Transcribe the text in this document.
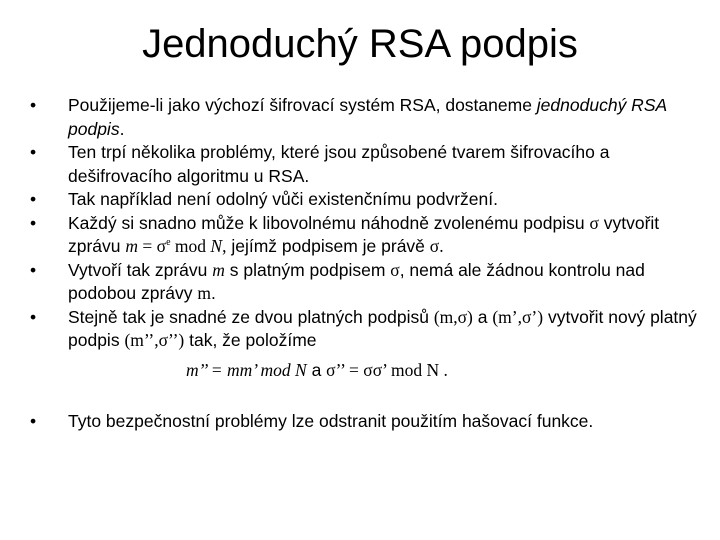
Jednoduchý RSA podpis
• Použijeme-li jako výchozí šifrovací systém RSA, dostaneme jednoduchý RSA podpis.
• Ten trpí několika problémy, které jsou způsobené tvarem šifrovacího a dešifrovacího algoritmu u RSA.
• Tak například není odolný vůči existenčnímu podvržení.
• Každý si snadno může k libovolnému náhodně zvolenému podpisu σ vytvořit zprávu $m = \sigma^e$ mod N, jejímž podpisem je právě σ.
• Vytvoří tak zprávu m s platným podpisem σ, nemá ale žádnou kontrolu nad podobou zprávy m.
• Stejně tak je snadné ze dvou platných podpisů (m,σ) a (m’,σ’) vytvořit nový platný podpis (m’’,σ’’) tak, že položíme
m’’ = mm’ mod N a σ’’ = σσ’ mod N .
• Tyto bezpečnostní problémy lze odstranit použitím hašovací funkce.
